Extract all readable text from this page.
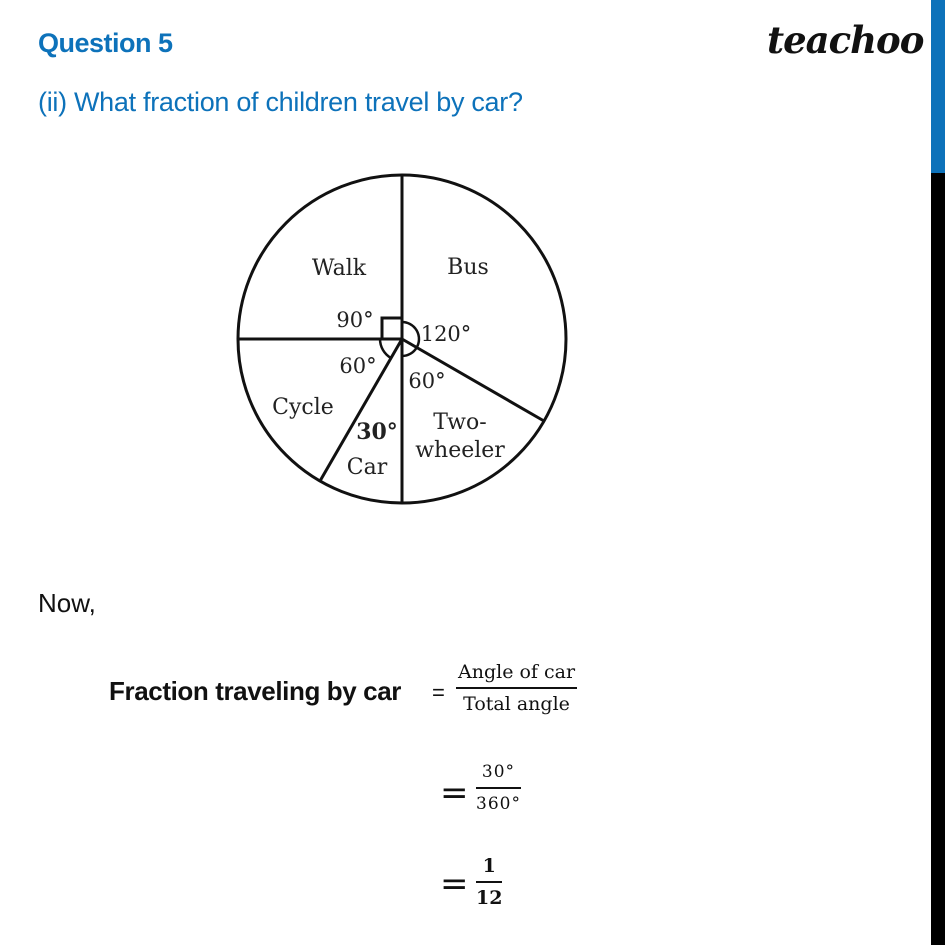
Question 5
(ii) What fraction of children travel by car?
teachoo
Walk	Bus
Cycle
Car
Two-
wheeler
90°
120°
60°
60°
30°
Now,
Fraction traveling by car =
Angle of car
Total angle
=
30°
360°
= 1
12
